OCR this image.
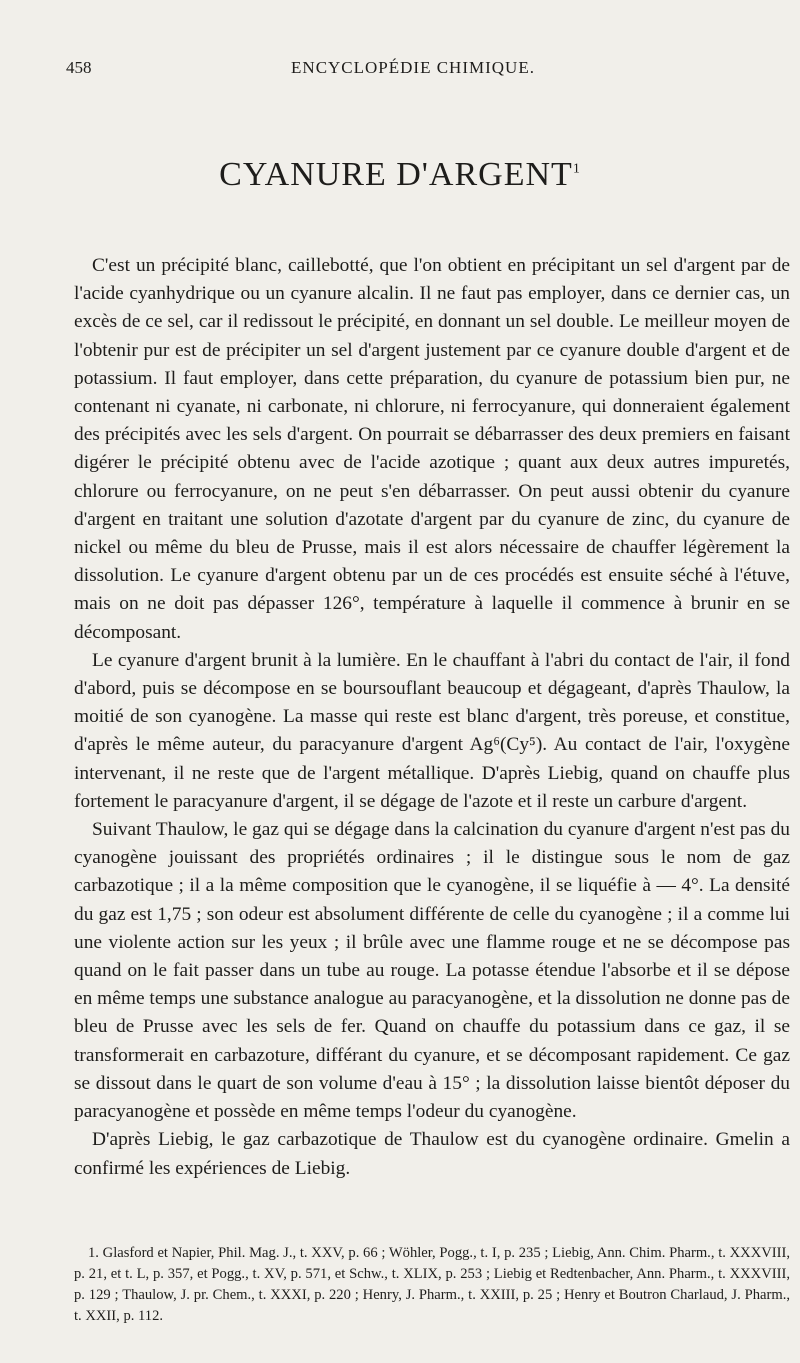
458	ENCYCLOPÉDIE CHIMIQUE.
CYANURE D'ARGENT$^1$

C'est un précipité blanc, caillebotté, que l'on obtient en précipitant un sel d'argent par de l'acide cyanhydrique ou un cyanure alcalin. Il ne faut pas employer, dans ce dernier cas, un excès de ce sel, car il redissout le précipité, en donnant un sel double. Le meilleur moyen de l'obtenir pur est de précipiter un sel d'argent justement par ce cyanure double d'argent et de potassium. Il faut employer, dans cette préparation, du cyanure de potassium bien pur, ne contenant ni cyanate, ni carbonate, ni chlorure, ni ferrocyanure, qui donneraient également des précipités avec les sels d'argent. On pourrait se débarrasser des deux premiers en faisant digérer le précipité obtenu avec de l'acide azotique ; quant aux deux autres impuretés, chlorure ou ferrocyanure, on ne peut s'en débarrasser. On peut aussi obtenir du cyanure d'argent en traitant une solution d'azotate d'argent par du cyanure de zinc, du cyanure de nickel ou même du bleu de Prusse, mais il est alors nécessaire de chauffer légèrement la dissolution. Le cyanure d'argent obtenu par un de ces procédés est ensuite séché à l'étuve, mais on ne doit pas dépasser 126°, température à laquelle il commence à brunir en se décomposant.

Le cyanure d'argent brunit à la lumière. En le chauffant à l'abri du contact de l'air, il fond d'abord, puis se décompose en se boursouflant beaucoup et dégageant, d'après Thaulow, la moitié de son cyanogène. La masse qui reste est blanc d'argent, très poreuse, et constitue, d'après le même auteur, du paracyanure d'argent Ag⁶(Cy⁵). Au contact de l'air, l'oxygène intervenant, il ne reste que de l'argent métallique. D'après Liebig, quand on chauffe plus fortement le paracyanure d'argent, il se dégage de l'azote et il reste un carbure d'argent.

Suivant Thaulow, le gaz qui se dégage dans la calcination du cyanure d'argent n'est pas du cyanogène jouissant des propriétés ordinaires ; il le distingue sous le nom de gaz carbazotique ; il a la même composition que le cyanogène, il se liquéfie à — 4°. La densité du gaz est 1,75 ; son odeur est absolument différente de celle du cyanogène ; il a comme lui une violente action sur les yeux ; il brûle avec une flamme rouge et ne se décompose pas quand on le fait passer dans un tube au rouge. La potasse étendue l'absorbe et il se dépose en même temps une substance analogue au paracyanogène, et la dissolution ne donne pas de bleu de Prusse avec les sels de fer. Quand on chauffe du potassium dans ce gaz, il se transformerait en carbazoture, différant du cyanure, et se décomposant rapidement. Ce gaz se dissout dans le quart de son volume d'eau à 15° ; la dissolution laisse bientôt déposer du paracyanogène et possède en même temps l'odeur du cyanogène.

D'après Liebig, le gaz carbazotique de Thaulow est du cyanogène ordinaire. Gmelin a confirmé les expériences de Liebig.

1. Glasford et Napier, Phil. Mag. J., t. XXV, p. 66 ; Wöhler, Pogg., t. I, p. 235 ; Liebig, Ann. Chim. Pharm., t. XXXVIII, p. 21, et t. L, p. 357, et Pogg., t. XV, p. 571, et Schw., t. XLIX, p. 253 ; Liebig et Redtenbacher, Ann. Pharm., t. XXXVIII, p. 129 ; Thaulow, J. pr. Chem., t. XXXI, p. 220 ; Henry, J. Pharm., t. XXIII, p. 25 ; Henry et Boutron Charlaud, J. Pharm., t. XXII, p. 112.
